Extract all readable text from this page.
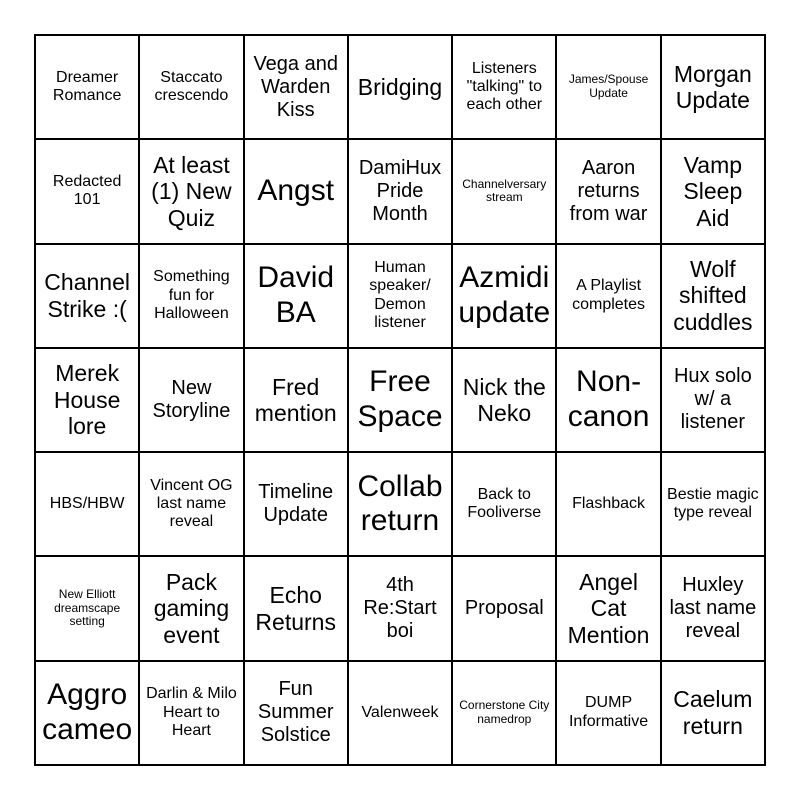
Dreamer Romance
Staccato crescendo
Vega and Warden Kiss
Bridging
Listeners "talking" to each other
James/Spouse Update
Morgan Update
Redacted 101
At least (1) New Quiz
Angst
DamiHux Pride Month
Channelversary stream
Aaron returns from war
Vamp Sleep Aid
Channel Strike :(
Something fun for Halloween
David BA
Human speaker/ Demon listener
Azmidi update
A Playlist completes
Wolf shifted cuddles
Merek House lore
New Storyline
Fred mention
Free Space
Nick the Neko
Non-canon
Hux solo w/ a listener
HBS/HBW
Vincent OG last name reveal
Timeline Update
Collab return
Back to Fooliverse
Flashback
Bestie magic type reveal
New Elliott dreamscape setting
Pack gaming event
Echo Returns
4th Re:Start boi
Proposal
Angel Cat Mention
Huxley last name reveal
Aggro cameo
Darlin & Milo Heart to Heart
Fun Summer Solstice
Valenweek	Cornerstone City namedrop
DUMP Informative
Caelum return
